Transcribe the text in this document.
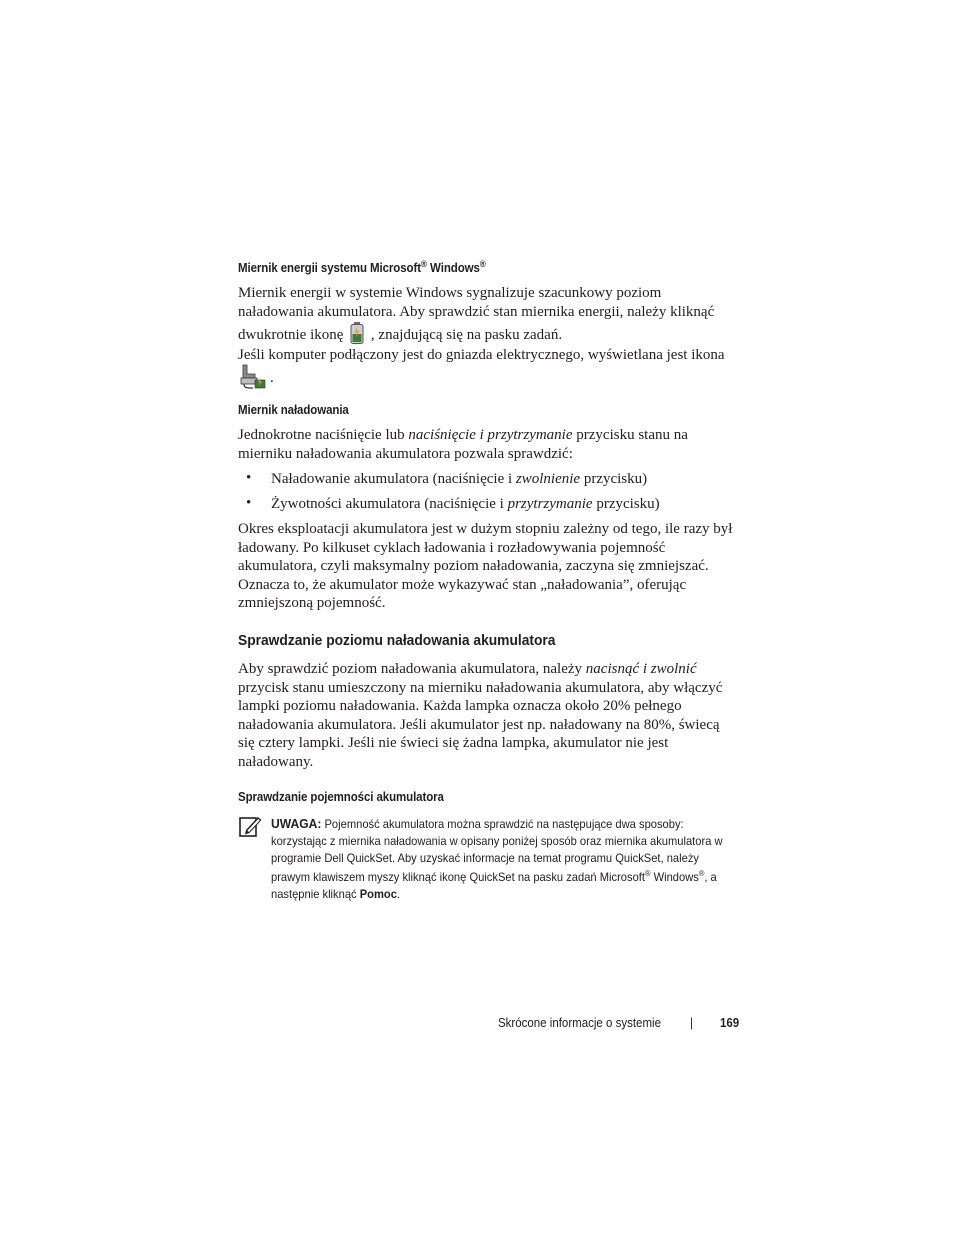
Miernik energii systemu Microsoft® Windows®

Miernik energii w systemie Windows sygnalizuje szacunkowy poziom naładowania akumulatora. Aby sprawdzić stan miernika energii, należy kliknąć dwukrotnie ikonę  , znajdującą się na pasku zadań.

Jeśli komputer podłączony jest do gniazda elektrycznego, wyświetlana jest ikona

.

Miernik naładowania

Jednokrotne naciśnięcie lub naciśnięcie i przytrzymanie przycisku stanu na mierniku naładowania akumulatora pozwala sprawdzić:

• Naładowanie akumulatora (naciśnięcie i zwolnienie przycisku)

• Żywotności akumulatora (naciśnięcie i przytrzymanie przycisku)

Okres eksploatacji akumulatora jest w dużym stopniu zależny od tego, ile razy był ładowany. Po kilkuset cyklach ładowania i rozładowywania pojemność akumulatora, czyli maksymalny poziom naładowania, zaczyna się zmniejszać. Oznacza to, że akumulator może wykazywać stan „naładowania”, oferując zmniejszoną pojemność.
Sprawdzanie poziomu naładowania akumulatora

Aby sprawdzić poziom naładowania akumulatora, należy nacisnąć i zwolnić przycisk stanu umieszczony na mierniku naładowania akumulatora, aby włączyć lampki poziomu naładowania. Każda lampka oznacza około 20% pełnego naładowania akumulatora. Jeśli akumulator jest np. naładowany na 80%, świecą się cztery lampki. Jeśli nie świeci się żadna lampka, akumulator nie jest naładowany.

Sprawdzanie pojemności akumulatora
UWAGA: Pojemność akumulatora można sprawdzić na następujące dwa sposoby: korzystając z miernika naładowania w opisany poniżej sposób oraz miernika akumulatora w programie Dell QuickSet. Aby uzyskać informacje na temat programu QuickSet, należy prawym klawiszem myszy kliknąć ikonę QuickSet na pasku zadań Microsoft® Windows®, a następnie kliknąć Pomoc.
Skrócone informacje o systemie | 169
